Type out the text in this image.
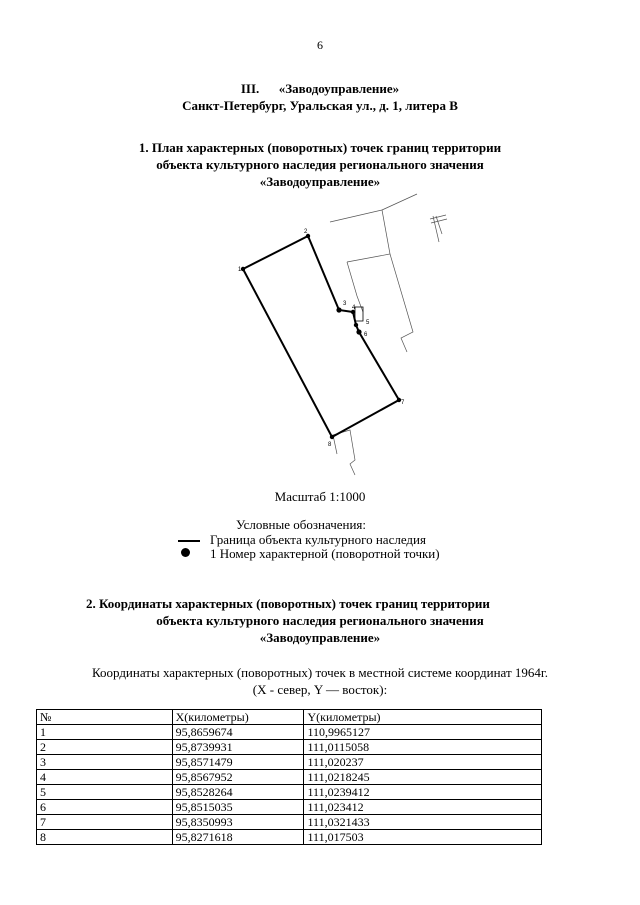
6
III.      «Заводоуправление»
Санкт-Петербург, Уральская ул., д. 1, литера В
1. План характерных (поворотных) точек границ территории
объекта культурного наследия регионального значения
«Заводоуправление»
1
2
3
4
5
6
7
8
Масштаб 1:1000
Условные обозначения:
Граница объекта культурного наследия
1 Номер характерной (поворотной точки)
2. Координаты характерных (поворотных) точек границ территории
объекта культурного наследия регионального значения
«Заводоуправление»
Координаты характерных (поворотных) точек в местной системе координат 1964г.
(X - север, Y — восток):
№	X(километры)	Y(километры)
1	95,8659674	110,9965127
2	95,8739931	111,0115058
3	95,8571479	111,020237
4	95,8567952	111,0218245
5	95,8528264	111,0239412
6	95,8515035	111,023412
7	95,8350993	111,0321433
8	95,8271618	111,017503
